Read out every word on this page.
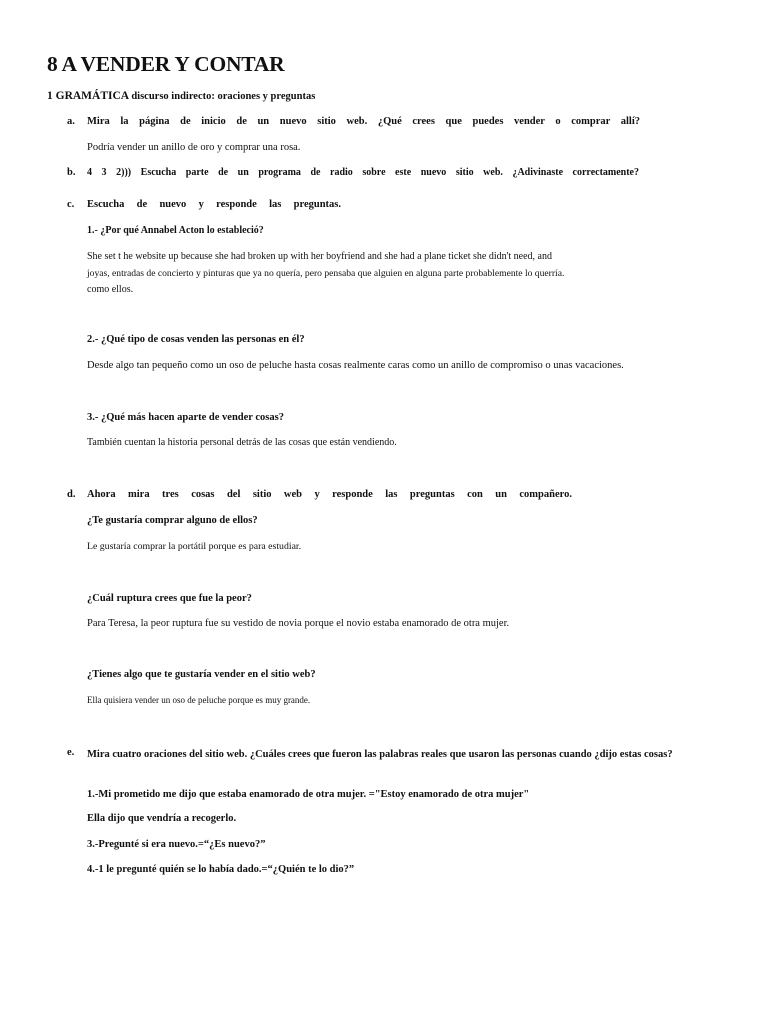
8 A VENDER Y CONTAR
1 GRAMÁTICA discurso indirecto: oraciones y preguntas
a. Mira la página de inicio de un nuevo sitio web. ¿Qué crees que puedes vender o comprar allí?
Podría vender un anillo de oro y comprar una rosa.
b. 4 3 2))) Escucha parte de un programa de radio sobre este nuevo sitio web. ¿Adivinaste correctamente?
c. Escucha de nuevo y responde las preguntas.
1.- ¿Por qué Annabel Acton lo estableció?
She set t he website up because she had broken up with her boyfriend and she had a plane ticket she didn't need, and
joyas, entradas de concierto y pinturas que ya no quería, pero pensaba que alguien en alguna parte probablemente lo querría.
como ellos.
2.- ¿Qué tipo de cosas venden las personas en él?
Desde algo tan pequeño como un oso de peluche hasta cosas realmente caras como un anillo de compromiso o unas vacaciones.
3.- ¿Qué más hacen aparte de vender cosas?
También cuentan la historia personal detrás de las cosas que están vendiendo.
d. Ahora mira tres cosas del sitio web y responde las preguntas con un compañero.
¿Te gustaría comprar alguno de ellos?
Le gustaría comprar la portátil porque es para estudiar.
¿Cuál ruptura crees que fue la peor?
Para Teresa, la peor ruptura fue su vestido de novia porque el novio estaba enamorado de otra mujer.
¿Tienes algo que te gustaría vender en el sitio web?
Ella quisiera vender un oso de peluche porque es muy grande.
e. Mira cuatro oraciones del sitio web. ¿Cuáles crees que fueron las palabras reales que usaron las personas cuando ¿dijo estas cosas?
1.-Mi prometido me dijo que estaba enamorado de otra mujer. ="Estoy enamorado de otra mujer"
Ella dijo que vendría a recogerlo.
3.-Pregunté si era nuevo.=“¿Es nuevo?”
4.-1 le pregunté quién se lo había dado.=“¿Quién te lo dio?”
